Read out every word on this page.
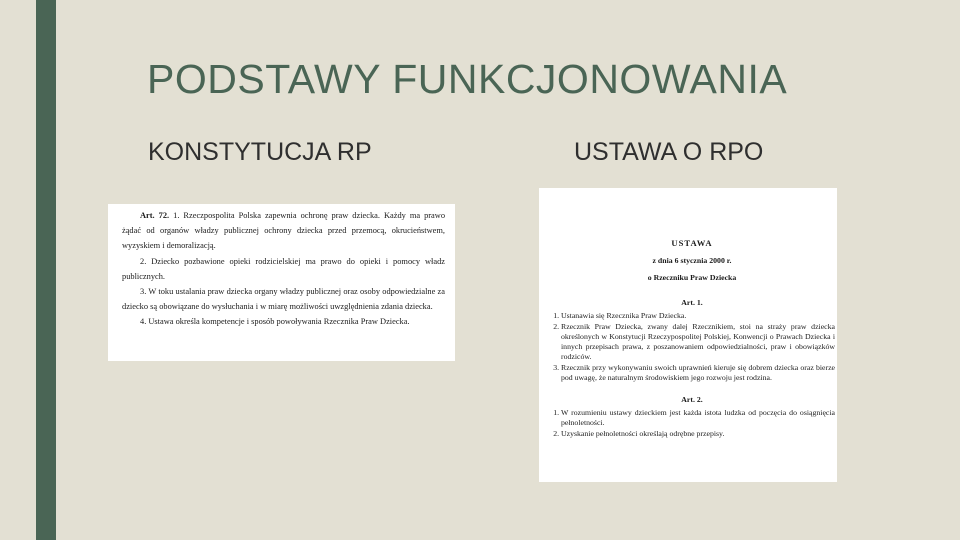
PODSTAWY FUNKCJONOWANIA
KONSTYTUCJA RP	USTAWA O RPO

Art. 72. 1. Rzeczpospolita Polska zapewnia ochronę praw dziecka. Każdy ma prawo żądać od organów władzy publicznej ochrony dziecka przed przemocą, okrucieństwem, wyzyskiem i demoralizacją.

2. Dziecko pozbawione opieki rodzicielskiej ma prawo do opieki i pomocy władz publicznych.

3. W toku ustalania praw dziecka organy władzy publicznej oraz osoby odpowiedzialne za dziecko są obowiązane do wysłuchania i w miarę możliwości uwzględnienia zdania dziecka.

4. Ustawa określa kompetencje i sposób powoływania Rzecznika Praw Dziecka.

USTAWA
z dnia 6 stycznia 2000 r.
o Rzeczniku Praw Dziecka
Art. 1.
1. Ustanawia się Rzecznika Praw Dziecka.
2. Rzecznik Praw Dziecka, zwany dalej Rzecznikiem, stoi na straży praw dziecka określonych w Konstytucji Rzeczypospolitej Polskiej, Konwencji o Prawach Dziecka i innych przepisach prawa, z poszanowaniem odpowiedzialności, praw i obowiązków rodziców.
3. Rzecznik przy wykonywaniu swoich uprawnień kieruje się dobrem dziecka oraz bierze pod uwagę, że naturalnym środowiskiem jego rozwoju jest rodzina.
Art. 2.
1. W rozumieniu ustawy dzieckiem jest każda istota ludzka od poczęcia do osiągnięcia pełnoletności.
2. Uzyskanie pełnoletności określają odrębne przepisy.
